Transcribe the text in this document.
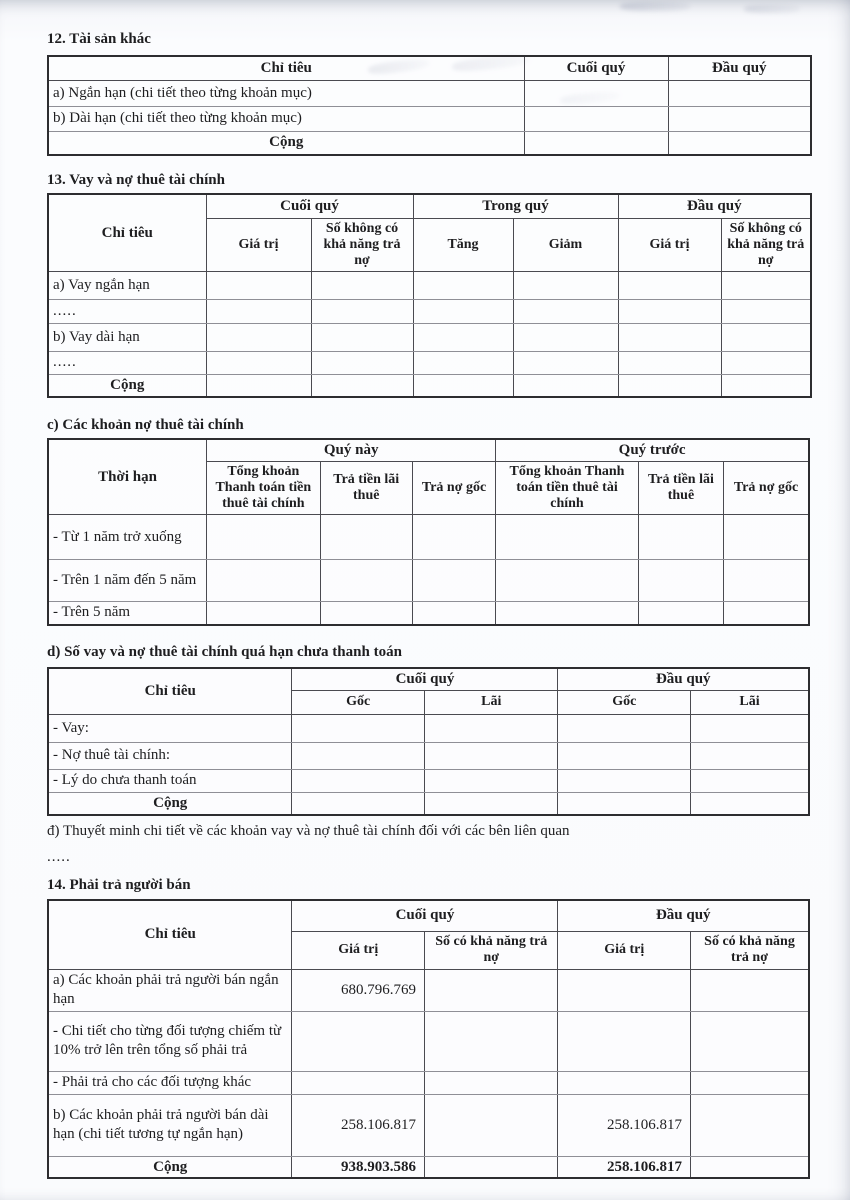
12. Tài sản khác
Chỉ tiêu	Cuối quý	Đầu quý
a) Ngắn hạn (chi tiết theo từng khoản mục)		
b) Dài hạn (chi tiết theo từng khoản mục)		
Cộng		
13. Vay và nợ thuê tài chính
Chỉ tiêu	Cuối quý		Trong quý		Đầu quý	
	Giá trị	Số không có khả năng trả nợ	Tăng	Giảm	Giá trị	Số không có khả năng trả nợ
a) Vay ngắn hạn						
.....						
b) Vay dài hạn						
.....						
Cộng						
c) Các khoản nợ thuê tài chính
Thời hạn	Quý này			Quý trước		
	Tổng khoản Thanh toán tiền thuê tài chính	Trả tiền lãi thuê	Trả nợ gốc	Tổng khoản Thanh toán tiền thuê tài chính	Trả tiền lãi thuê	Trả nợ gốc
- Từ 1 năm trở xuống						
- Trên 1 năm đến 5 năm						
- Trên 5 năm						
d) Số vay và nợ thuê tài chính quá hạn chưa thanh toán
Chỉ tiêu	Cuối quý		Đầu quý	
	Gốc	Lãi	Gốc	Lãi
- Vay:				
- Nợ thuê tài chính:				
- Lý do chưa thanh toán				
Cộng				
đ) Thuyết minh chi tiết về các khoản vay và nợ thuê tài chính đối với các bên liên quan
.....
14. Phải trả người bán
Chỉ tiêu	Cuối quý		Đầu quý	
	Giá trị	Số có khả năng trả nợ	Giá trị	Số có khả năng trả nợ
a) Các khoản phải trả người bán ngắn hạn	680.796.769			
- Chi tiết cho từng đối tượng chiếm từ 10% trở lên trên tổng số phải trả				
- Phải trả cho các đối tượng khác				
b) Các khoản phải trả người bán dài hạn (chi tiết tương tự ngắn hạn)	258.106.817		258.106.817	
Cộng	938.903.586		258.106.817	
